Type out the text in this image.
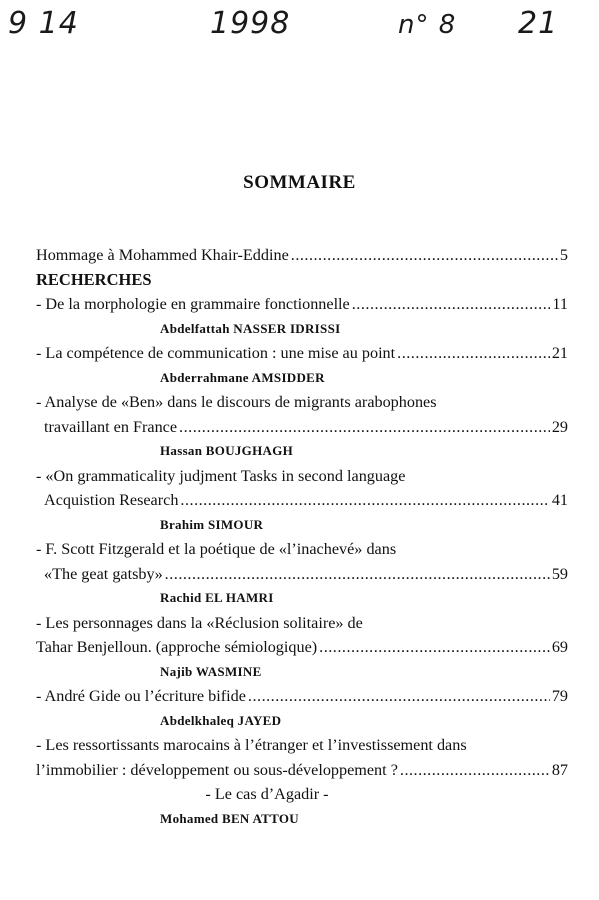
9 14	1998	n° 8 21
SOMMAIRE
Hommage à Mohammed Khair-Eddine .....	5
RECHERCHES
- De la morphologie en grammaire fonctionnelle .....	11
Abdelfattah NASSER IDRISSI
- La compétence de communication : une mise au point .....	21
Abderrahmane AMSIDDER
- Analyse de «Ben» dans le discours de migrants arabophones
travaillant en France .....	29
Hassan BOUJGHAGH
- «On grammaticality judjment Tasks in second language
Acquistion Research .....	41
Brahim SIMOUR
- F. Scott Fitzgerald et la poétique de «l’inachevé» dans
«The geat gatsby» .....	59
Rachid EL HAMRI
- Les personnages dans la «Réclusion solitaire» de
Tahar Benjelloun. (approche sémiologique) .....	69
Najib WASMINE
- André Gide ou l’écriture bifide .....	79
Abdelkhaleq JAYED
- Les ressortissants marocains à l’étranger et l’investissement dans
l’immobilier : développement ou sous-développement ? .....	87
- Le cas d’Agadir -
Mohamed BEN ATTOU
